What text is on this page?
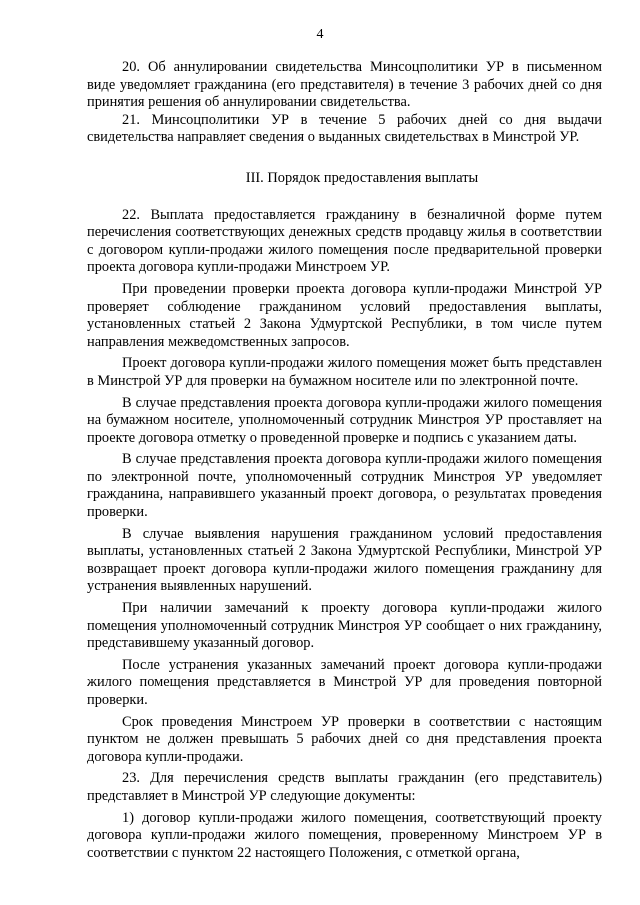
4

20. Об аннулировании свидетельства Минсоцполитики УР в письменном виде уведомляет гражданина (его представителя) в течение 3 рабочих дней со дня принятия решения об аннулировании свидетельства.

21. Минсоцполитики УР в течение 5 рабочих дней со дня выдачи свидетельства направляет сведения о выданных свидетельствах в Минстрой УР.

III. Порядок предоставления выплаты

22. Выплата предоставляется гражданину в безналичной форме путем перечисления соответствующих денежных средств продавцу жилья в соответствии с договором купли-продажи жилого помещения после предварительной проверки проекта договора купли-продажи Минстроем УР.

При проведении проверки проекта договора купли-продажи Минстрой УР проверяет соблюдение гражданином условий предоставления выплаты, установленных статьей 2 Закона Удмуртской Республики, в том числе путем направления межведомственных запросов.

Проект договора купли-продажи жилого помещения может быть представлен в Минстрой УР для проверки на бумажном носителе или по электронной почте.

В случае представления проекта договора купли-продажи жилого помещения на бумажном носителе, уполномоченный сотрудник Минстроя УР проставляет на проекте договора отметку о проведенной проверке и подпись с указанием даты.

В случае представления проекта договора купли-продажи жилого помещения по электронной почте, уполномоченный сотрудник Минстроя УР уведомляет гражданина, направившего указанный проект договора, о результатах проведения проверки.

В случае выявления нарушения гражданином условий предоставления выплаты, установленных статьей 2 Закона Удмуртской Республики, Минстрой УР возвращает проект договора купли-продажи жилого помещения гражданину для устранения выявленных нарушений.

При наличии замечаний к проекту договора купли-продажи жилого помещения уполномоченный сотрудник Минстроя УР сообщает о них гражданину, представившему указанный договор.

После устранения указанных замечаний проект договора купли-продажи жилого помещения представляется в Минстрой УР для проведения повторной проверки.

Срок проведения Минстроем УР проверки в соответствии с настоящим пунктом не должен превышать 5 рабочих дней со дня представления проекта договора купли-продажи.

23. Для перечисления средств выплаты гражданин (его представитель) представляет в Минстрой УР следующие документы:

1) договор купли-продажи жилого помещения, соответствующий проекту договора купли-продажи жилого помещения, проверенному Минстроем УР в соответствии с пунктом 22 настоящего Положения, с отметкой органа,
